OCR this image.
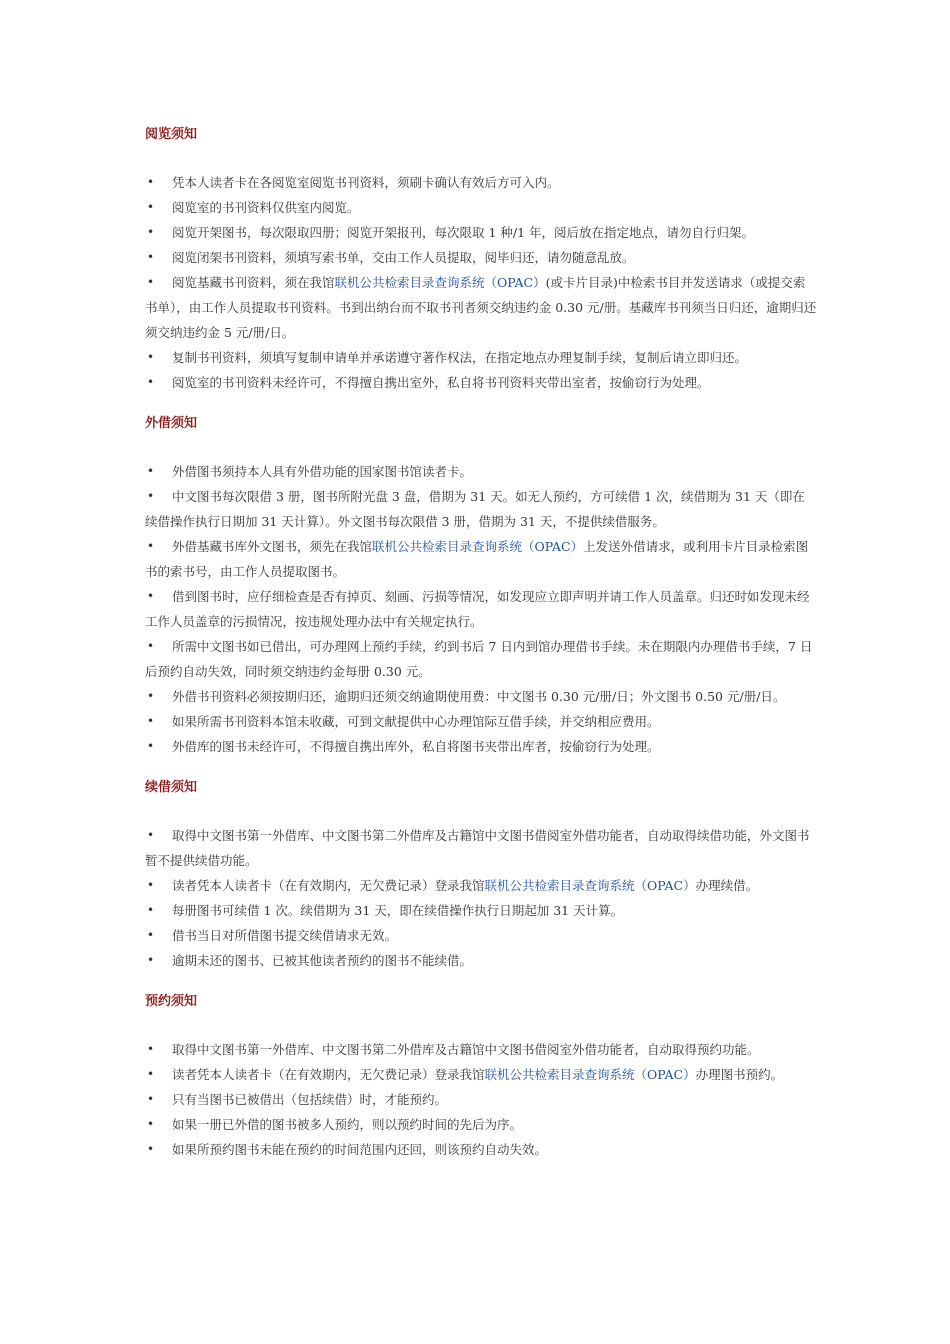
阅览须知
• 凭本人读者卡在各阅览室阅览书刊资料，须刷卡确认有效后方可入内。
• 阅览室的书刊资料仅供室内阅览。
• 阅览开架图书，每次限取四册；阅览开架报刊，每次限取 1 种/1 年，阅后放在指定地点，请勿自行归架。
• 阅览闭架书刊资料，须填写索书单，交由工作人员提取，阅毕归还，请勿随意乱放。
• 阅览基藏书刊资料，须在我馆联机公共检索目录查询系统（OPAC）(或卡片目录)中检索书目并发送请求（或提交索书单），由工作人员提取书刊资料。书到出纳台而不取书刊者须交纳违约金 0.30 元/册。基藏库书刊须当日归还，逾期归还须交纳违约金 5 元/册/日。
• 复制书刊资料，须填写复制申请单并承诺遵守著作权法，在指定地点办理复制手续，复制后请立即归还。
• 阅览室的书刊资料未经许可，不得擅自携出室外，私自将书刊资料夹带出室者，按偷窃行为处理。
外借须知
• 外借图书须持本人具有外借功能的国家图书馆读者卡。
• 中文图书每次限借 3 册，图书所附光盘 3 盘，借期为 31 天。如无人预约，方可续借 1 次，续借期为 31 天（即在续借操作执行日期加 31 天计算）。外文图书每次限借 3 册，借期为 31 天，不提供续借服务。
• 外借基藏书库外文图书，须先在我馆联机公共检索目录查询系统（OPAC）上发送外借请求，或利用卡片目录检索图书的索书号，由工作人员提取图书。
• 借到图书时，应仔细检查是否有掉页、刻画、污损等情况，如发现应立即声明并请工作人员盖章。归还时如发现未经工作人员盖章的污损情况，按违规处理办法中有关规定执行。
• 所需中文图书如已借出，可办理网上预约手续，约到书后 7 日内到馆办理借书手续。未在期限内办理借书手续，7 日后预约自动失效，同时须交纳违约金每册 0.30 元。
• 外借书刊资料必须按期归还，逾期归还须交纳逾期使用费：中文图书 0.30 元/册/日；外文图书 0.50 元/册/日。
• 如果所需书刊资料本馆未收藏，可到文献提供中心办理馆际互借手续，并交纳相应费用。
• 外借库的图书未经许可，不得擅自携出库外，私自将图书夹带出库者，按偷窃行为处理。
续借须知
• 取得中文图书第一外借库、中文图书第二外借库及古籍馆中文图书借阅室外借功能者，自动取得续借功能，外文图书暂不提供续借功能。
• 读者凭本人读者卡（在有效期内，无欠费记录）登录我馆联机公共检索目录查询系统（OPAC）办理续借。
• 每册图书可续借 1 次。续借期为 31 天，即在续借操作执行日期起加 31 天计算。
• 借书当日对所借图书提交续借请求无效。
• 逾期未还的图书、已被其他读者预约的图书不能续借。
预约须知
• 取得中文图书第一外借库、中文图书第二外借库及古籍馆中文图书借阅室外借功能者，自动取得预约功能。
• 读者凭本人读者卡（在有效期内，无欠费记录）登录我馆联机公共检索目录查询系统（OPAC）办理图书预约。
• 只有当图书已被借出（包括续借）时，才能预约。
• 如果一册已外借的图书被多人预约，则以预约时间的先后为序。
• 如果所预约图书未能在预约的时间范围内还回，则该预约自动失效。
